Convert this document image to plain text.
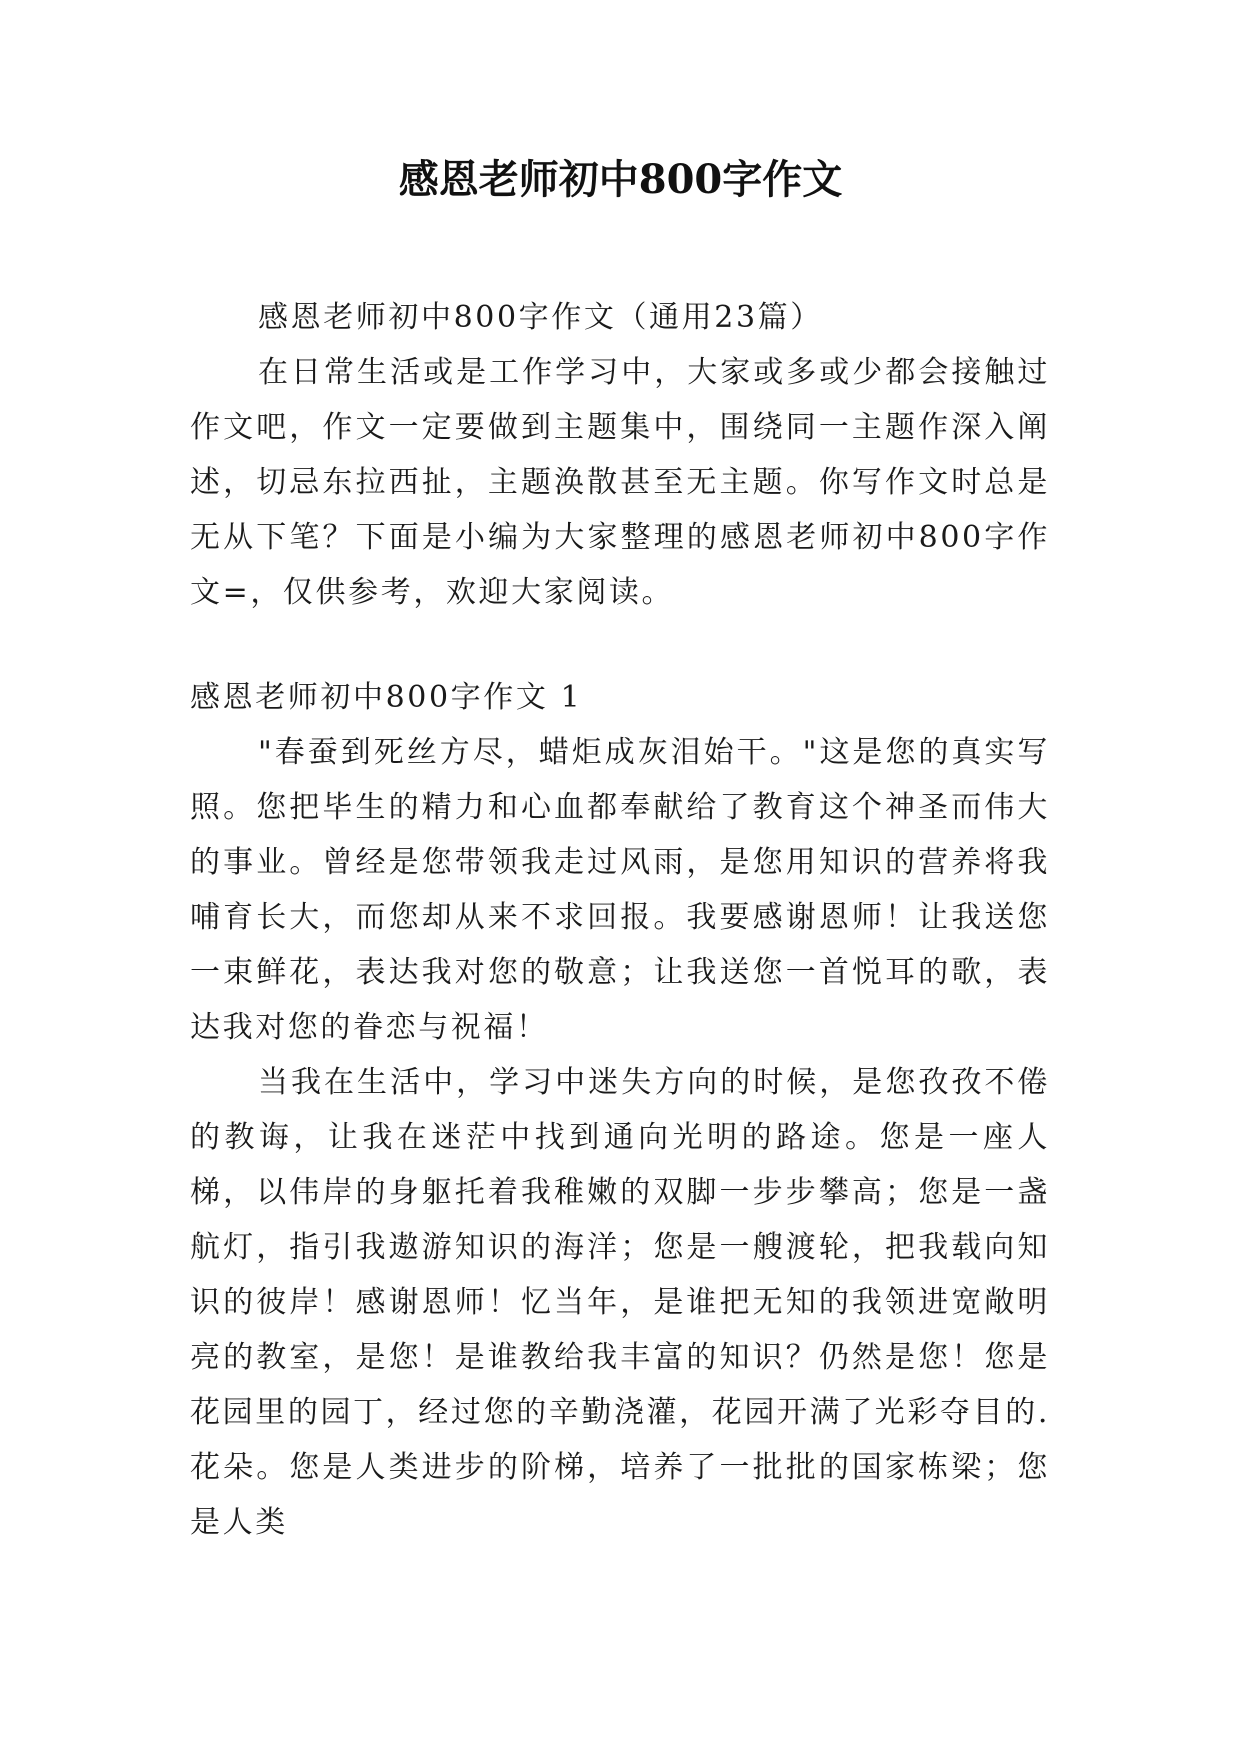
感恩老师初中800字作文

感恩老师初中800字作文（通用23篇）

在日常生活或是工作学习中，大家或多或少都会接触过作文吧，作文一定要做到主题集中，围绕同一主题作深入阐述，切忌东拉西扯，主题涣散甚至无主题。你写作文时总是无从下笔？下面是小编为大家整理的感恩老师初中800字作文=，仅供参考，欢迎大家阅读。

感恩老师初中800字作文 1

"春蚕到死丝方尽，蜡炬成灰泪始干。"这是您的真实写照。您把毕生的精力和心血都奉献给了教育这个神圣而伟大的事业。曾经是您带领我走过风雨，是您用知识的营养将我哺育长大，而您却从来不求回报。我要感谢恩师！让我送您一束鲜花，表达我对您的敬意；让我送您一首悦耳的歌，表达我对您的眷恋与祝福！

当我在生活中，学习中迷失方向的时候，是您孜孜不倦的教诲，让我在迷茫中找到通向光明的路途。您是一座人梯，以伟岸的身躯托着我稚嫩的双脚一步步攀高；您是一盏航灯，指引我遨游知识的海洋；您是一艘渡轮，把我载向知识的彼岸！感谢恩师！忆当年，是谁把无知的我领进宽敞明亮的教室，是您！是谁教给我丰富的知识？仍然是您！您是花园里的园丁，经过您的辛勤浇灌，花园开满了光彩夺目的.花朵。您是人类进步的阶梯，培养了一批批的国家栋梁；您是人类
